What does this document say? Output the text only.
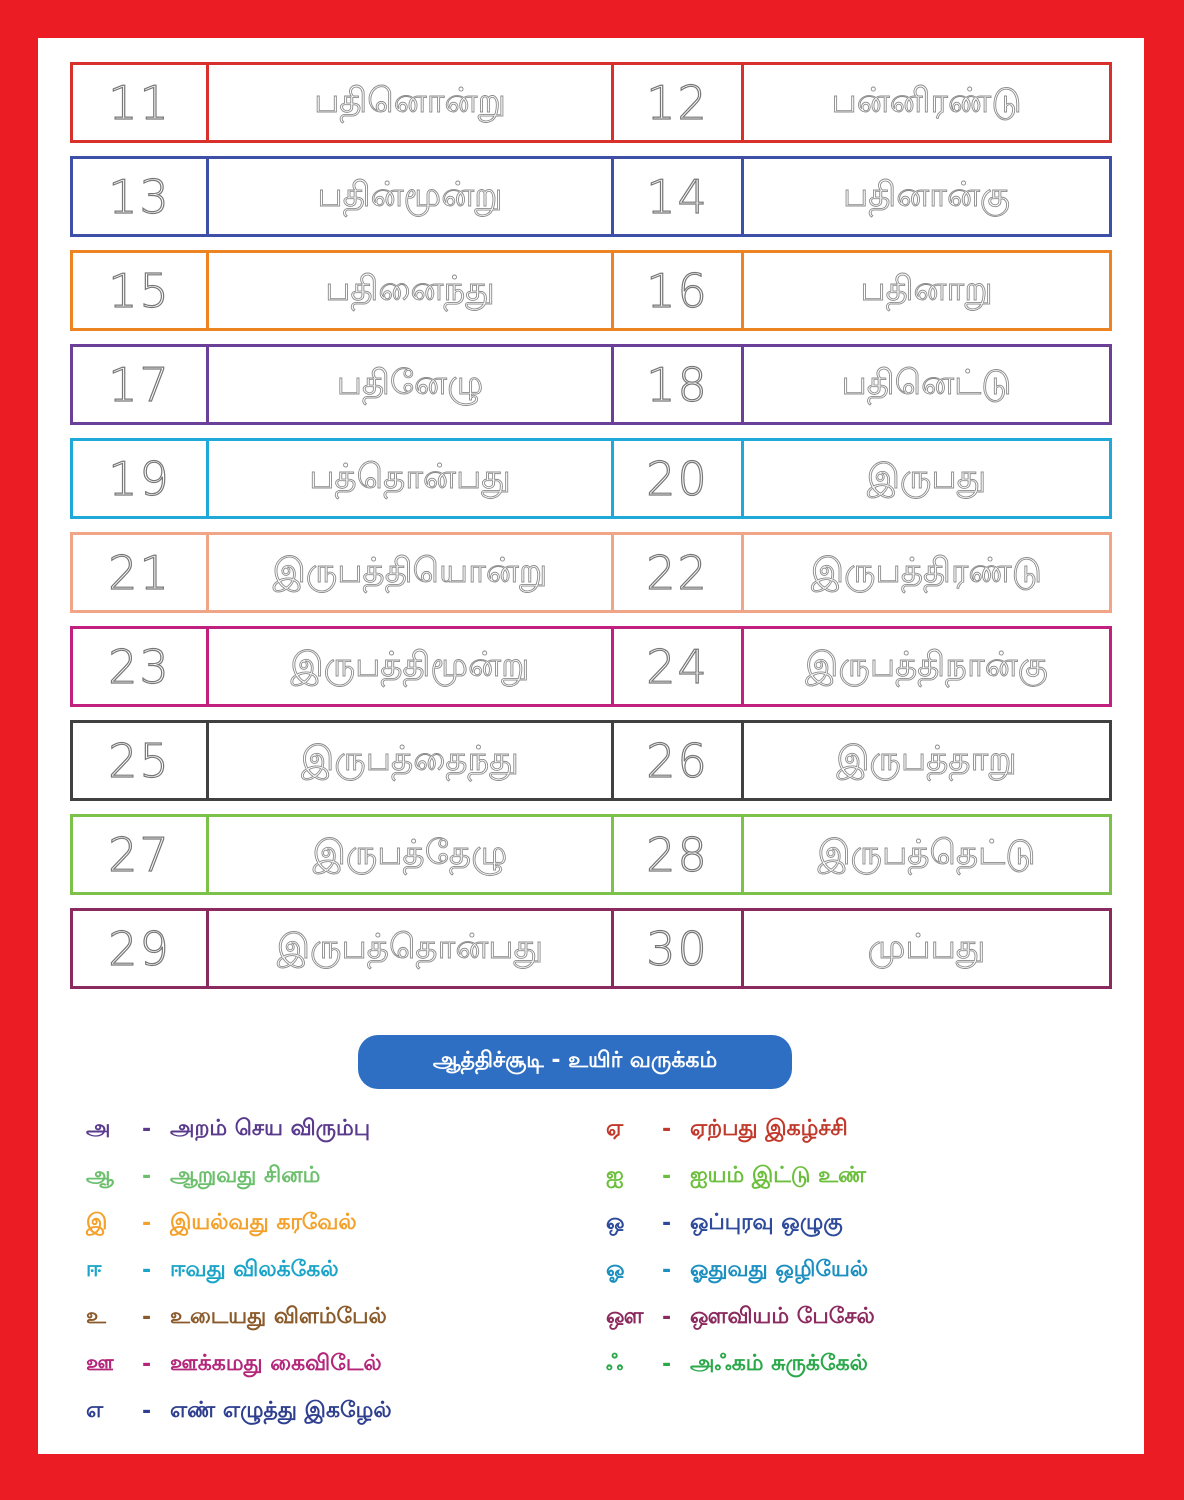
11	பதினொன்று	12	பன்னிரண்டு
13	பதின்மூன்று	14	பதினான்கு
15	பதினைந்து	16	பதினாறு
17	பதினேழு	18	பதினெட்டு
19	பத்தொன்பது	20	இருபது
21	இருபத்தியொன்று	22	இருபத்திரண்டு
23	இருபத்திமூன்று	24	இருபத்திநான்கு
25	இருபத்தைந்து	26	இருபத்தாறு
27	இருபத்தேழு	28	இருபத்தெட்டு
29	இருபத்தொன்பது	30	முப்பது
ஆத்திச்சூடி - உயிர் வருக்கம்
அ	- அறம் செய விரும்பு
ஆ	- ஆறுவது சினம்
இ	- இயல்வது கரவேல்
ஈ	- ஈவது விலக்கேல்
உ	- உடையது விளம்பேல்
ஊ	- ஊக்கமது கைவிடேல்
எ	- எண் எழுத்து இகழேல்
ஏ	- ஏற்பது இகழ்ச்சி
ஐ	- ஐயம் இட்டு உண்
ஒ	- ஒப்புரவு ஒழுகு
ஓ	- ஓதுவது ஒழியேல்
ஔ - ஔவியம் பேசேல்
ஃ	- அஃகம் சுருக்கேல்
